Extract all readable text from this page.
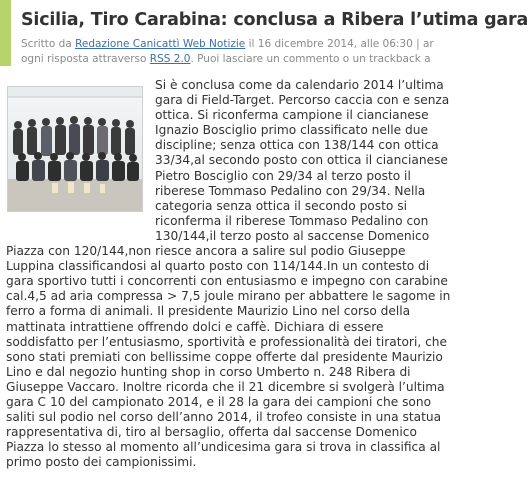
Sicilia, Tiro Carabina: conclusa a Ribera l’utima gara
Scritto da Redazione Canicattì Web Notizie il 16 dicembre 2014, alle 06:30 | ar
ogni risposta attraverso RSS 2.0. Puoi lasciare un commento o un trackback a

Si è conclusa come da calendario 2014 l’ultima gara di Field-Target. Percorso caccia con e senza ottica. Si riconferma campione il ciancianese Ignazio Bosciglio primo classificato nelle due discipline; senza ottica con 138/144 con ottica 33/34,al secondo posto con ottica il ciancianese Pietro Bosciglio con 29/34 al terzo posto il riberese Tommaso Pedalino con 29/34. Nella categoria senza ottica il secondo posto si riconferma il riberese Tommaso Pedalino con 130/144,il terzo posto al saccense Domenico Piazza con 120/144,non riesce ancora a salire sul podio Giuseppe Luppina classificandosi al quarto posto con 114/144.In un contesto di gara sportivo tutti i concorrenti con entusiasmo e impegno con carabine cal.4,5 ad aria compressa > 7,5 joule mirano per abbattere le sagome in ferro a forma di animali. Il presidente Maurizio Lino nel corso della mattinata intrattiene offrendo dolci e caffè. Dichiara di essere soddisfatto per l’entusiasmo, sportività e professionalità dei tiratori, che sono stati premiati con bellissime coppe offerte dal presidente Maurizio Lino e dal negozio hunting shop in corso Umberto n. 248 Ribera di Giuseppe Vaccaro. Inoltre ricorda che il 21 dicembre si svolgerà l’ultima gara C 10 del campionato 2014, e il 28 la gara dei campioni che sono saliti sul podio nel corso dell’anno 2014, il trofeo consiste in una statua rappresentativa di, tiro al bersaglio, offerta dal saccense Domenico Piazza lo stesso al momento all’undicesima gara si trova in classifica al primo posto dei campionissimi.
